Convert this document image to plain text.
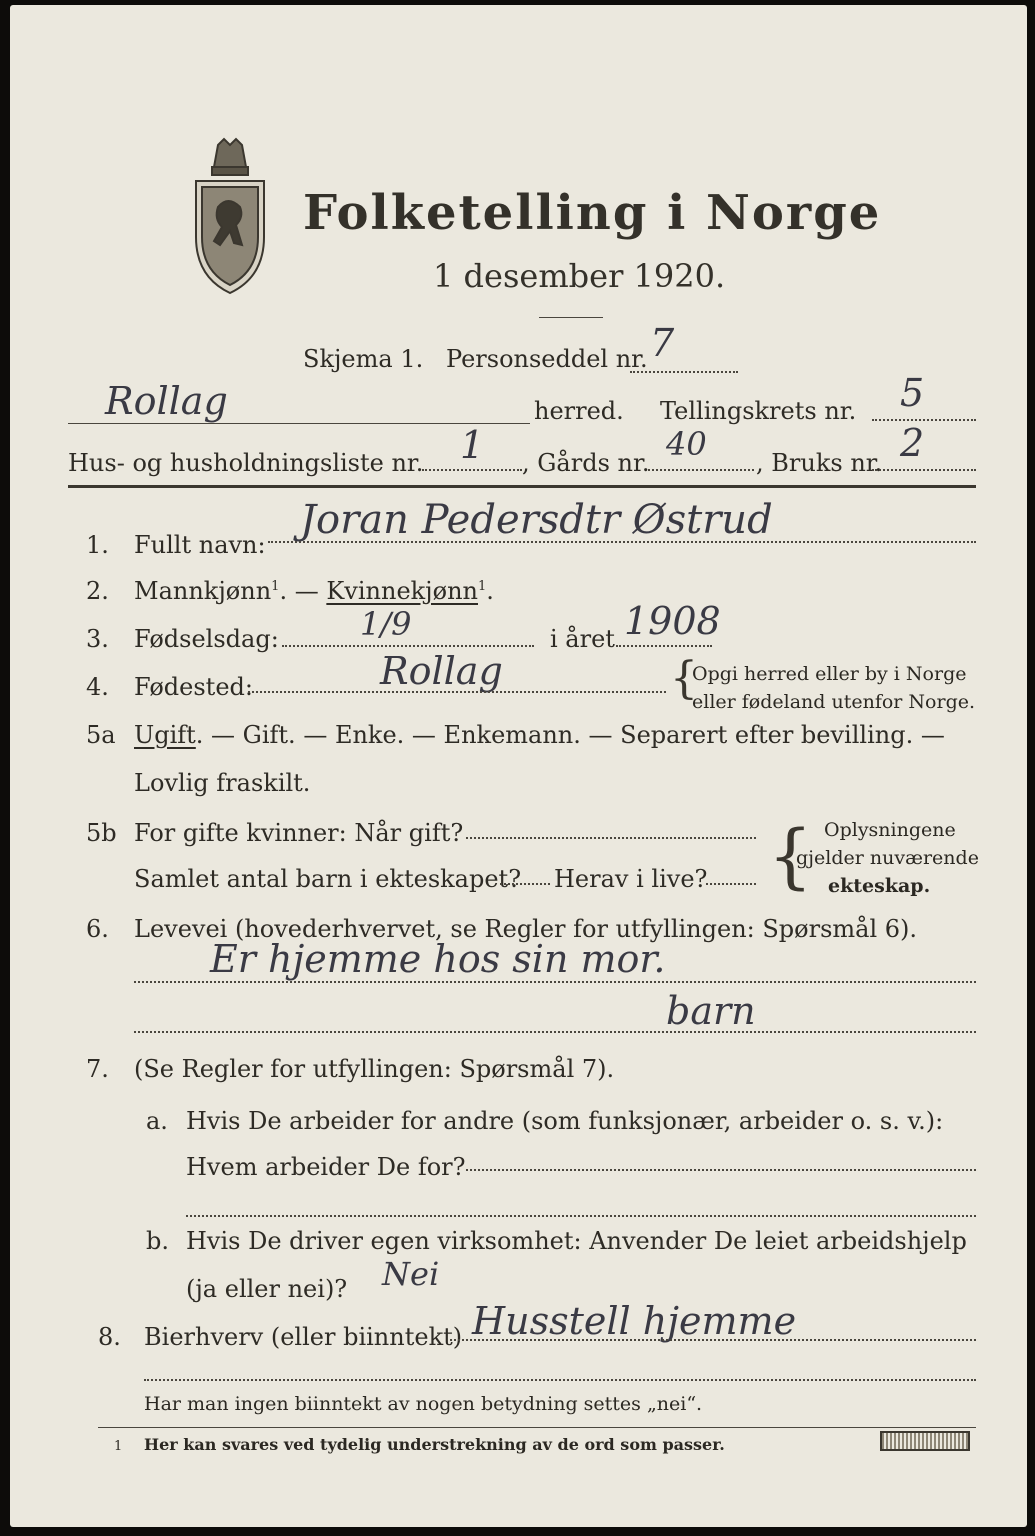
Folketelling i Norge
1 desember 1920.
Skjema 1. Personseddel nr. 7
Rollag	herred. Tellingskrets nr. 5
Hus- og husholdningsliste nr. 1 , Gårds nr. 40 , Bruks nr. 2
1. Fullt navn:
Joran Pedersdtr Østrud
2. Mannkjønn$^1$. — Kvinnekjønn$^1$.
3. Fødselsdag:	1/9	i året 1908
4. Fødested:	Rollag	{
Opgi herred eller by i Norge
eller fødeland utenfor Norge.
5a Ugift. — Gift. — Enke. — Enkemann. — Separert efter bevilling. —
Lovlig fraskilt.
5b For gifte kvinner: Når gift?
Samlet antal barn i ekteskapet? Herav i live? { Oplysningene
gjelder nuværende
ekteskap.
6. Levevei (hovederhvervet, se Regler for utfyllingen: Spørsmål 6).
Er hjemme hos sin mor.
barn
7. (Se Regler for utfyllingen: Spørsmål 7).
a. Hvis De arbeider for andre (som funksjonær, arbeider o. s. v.):
Hvem arbeider De for?
b. Hvis De driver egen virksomhet: Anvender De leiet arbeidshjelp
(ja eller nei)? Nei
8. Bierhverv (eller biinntekt) Husstell hjemme
Har man ingen biinntekt av nogen betydning settes „nei“.
1 Her kan svares ved tydelig understrekning av de ord som passer.
